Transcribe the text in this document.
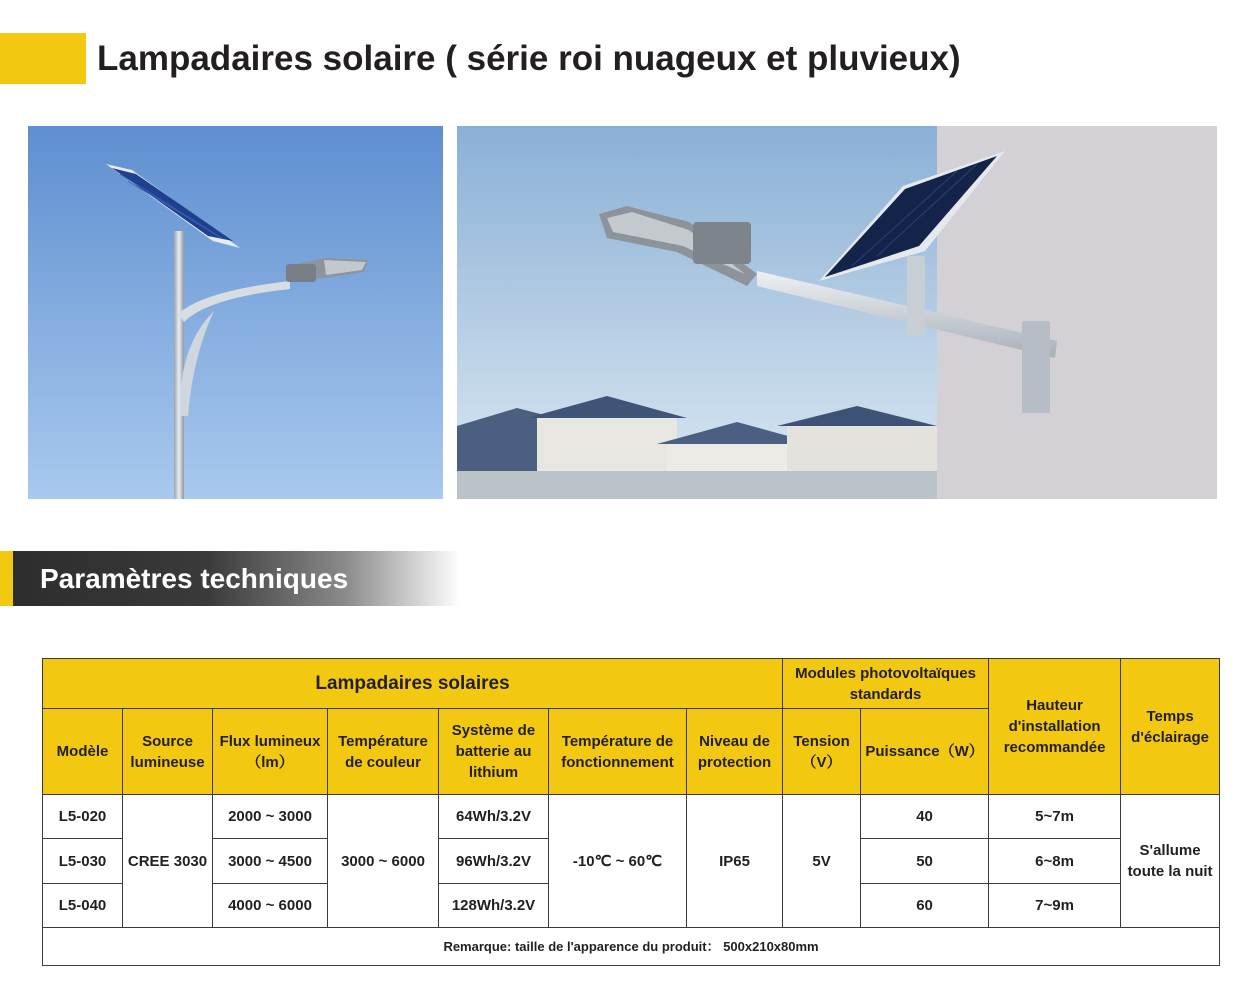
Lampadaires solaire ( série roi nuageux et pluvieux)
Paramètres techniques
Lampadaires solaires							Modules photovoltaïques standards		Hauteur d'installation recommandée	Temps d'éclairage
Modèle	Source lumineuse	Flux lumineux（lm）	Température de couleur	Système de batterie au lithium	Température de fonctionnement	Niveau de protection	Tension（V）	Puissance（W）		
L5-020	CREE 3030	2000 ~ 3000	3000 ~ 6000	64Wh/3.2V	-10℃ ~ 60℃	IP65	5V	40	5~7m	S'allume toute la nuit
L5-030		3000 ~ 4500		96Wh/3.2V				50	6~8m	
L5-040		4000 ~ 6000		128Wh/3.2V				60	7~9m	
Remarque: taille de l'apparence du produit： 500x210x80mm										
